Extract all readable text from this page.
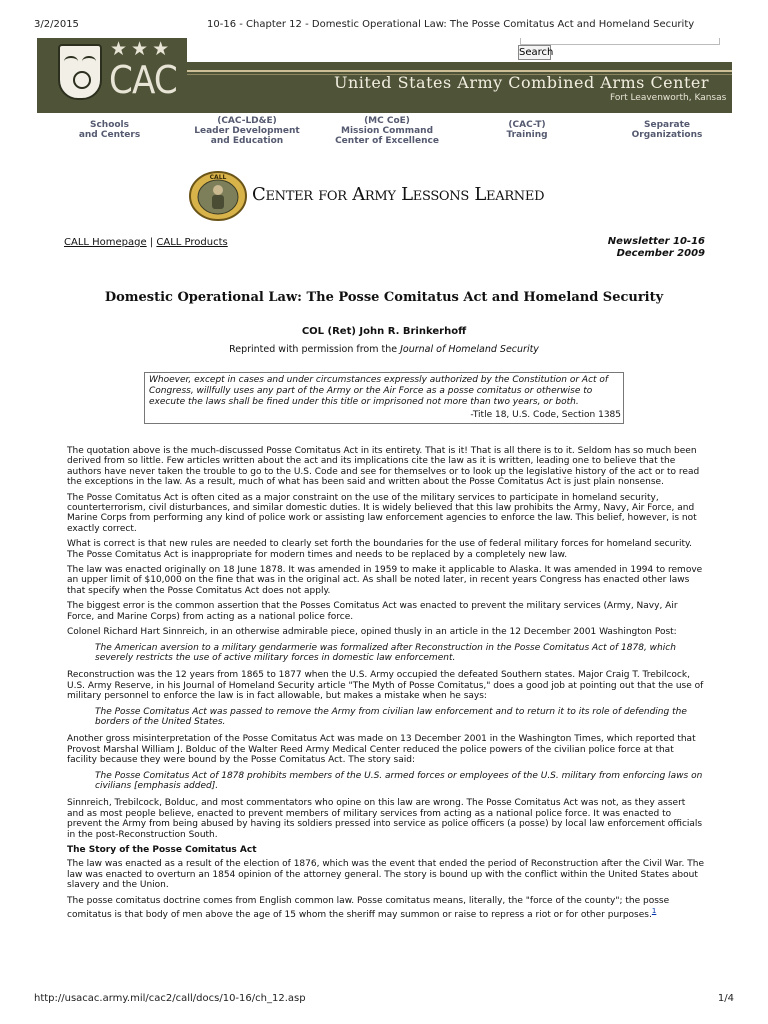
3/2/2015	10-16 - Chapter 12 - Domestic Operational Law: The Posse Comitatus Act and Homeland Security
Search
United States Army Combined Arms Center
Fort Leavenworth, Kansas
★★★
CAC
Schools
and Centers
(CAC-LD&E)
Leader Development
and Education
(MC CoE)
Mission Command
Center of Excellence
(CAC-T)
Training
Separate
Organizations
CALL
Center for Army Lessons Learned
CALL Homepage | CALL Products	Newsletter 10-16
December 2009
Domestic Operational Law: The Posse Comitatus Act and Homeland Security
COL (Ret) John R. Brinkerhoff
Reprinted with permission from the Journal of Homeland Security
Whoever, except in cases and under circumstances expressly authorized by the Constitution or Act of Congress, willfully uses any part of the Army or the Air Force as a posse comitatus or otherwise to execute the laws shall be fined under this title or imprisoned not more than two years, or both.
-Title 18, U.S. Code, Section 1385

The quotation above is the much-discussed Posse Comitatus Act in its entirety. That is it! That is all there is to it. Seldom has so much been derived from so little. Few articles written about the act and its implications cite the law as it is written, leading one to believe that the authors have never taken the trouble to go to the U.S. Code and see for themselves or to look up the legislative history of the act or to read the exceptions in the law. As a result, much of what has been said and written about the Posse Comitatus Act is just plain nonsense.

The Posse Comitatus Act is often cited as a major constraint on the use of the military services to participate in homeland security, counterterrorism, civil disturbances, and similar domestic duties. It is widely believed that this law prohibits the Army, Navy, Air Force, and Marine Corps from performing any kind of police work or assisting law enforcement agencies to enforce the law. This belief, however, is not exactly correct.

What is correct is that new rules are needed to clearly set forth the boundaries for the use of federal military forces for homeland security. The Posse Comitatus Act is inappropriate for modern times and needs to be replaced by a completely new law.

The law was enacted originally on 18 June 1878. It was amended in 1959 to make it applicable to Alaska. It was amended in 1994 to remove an upper limit of $10,000 on the fine that was in the original act. As shall be noted later, in recent years Congress has enacted other laws that specify when the Posse Comitatus Act does not apply.

The biggest error is the common assertion that the Posses Comitatus Act was enacted to prevent the military services (Army, Navy, Air Force, and Marine Corps) from acting as a national police force.

Colonel Richard Hart Sinnreich, in an otherwise admirable piece, opined thusly in an article in the 12 December 2001 Washington Post:

The American aversion to a military gendarmerie was formalized after Reconstruction in the Posse Comitatus Act of 1878, which severely restricts the use of active military forces in domestic law enforcement.

Reconstruction was the 12 years from 1865 to 1877 when the U.S. Army occupied the defeated Southern states. Major Craig T. Trebilcock, U.S. Army Reserve, in his Journal of Homeland Security article "The Myth of Posse Comitatus," does a good job at pointing out that the use of military personnel to enforce the law is in fact allowable, but makes a mistake when he says:

The Posse Comitatus Act was passed to remove the Army from civilian law enforcement and to return it to its role of defending the borders of the United States.

Another gross misinterpretation of the Posse Comitatus Act was made on 13 December 2001 in the Washington Times, which reported that Provost Marshal William J. Bolduc of the Walter Reed Army Medical Center reduced the police powers of the civilian police force at that facility because they were bound by the Posse Comitatus Act. The story said:

The Posse Comitatus Act of 1878 prohibits members of the U.S. armed forces or employees of the U.S. military from enforcing laws on civilians [emphasis added].

Sinnreich, Trebilcock, Bolduc, and most commentators who opine on this law are wrong. The Posse Comitatus Act was not, as they assert and as most people believe, enacted to prevent members of military services from acting as a national police force. It was enacted to prevent the Army from being abused by having its soldiers pressed into service as police officers (a posse) by local law enforcement officials in the post-Reconstruction South.

The Story of the Posse Comitatus Act

The law was enacted as a result of the election of 1876, which was the event that ended the period of Reconstruction after the Civil War. The law was enacted to overturn an 1854 opinion of the attorney general. The story is bound up with the conflict within the United States about slavery and the Union.

The posse comitatus doctrine comes from English common law. Posse comitatus means, literally, the "force of the county"; the posse comitatus is that body of men above the age of 15 whom the sheriff may summon or raise to repress a riot or for other purposes.$^1$

http://usacac.army.mil/cac2/call/docs/10-16/ch_12.asp	1/4
